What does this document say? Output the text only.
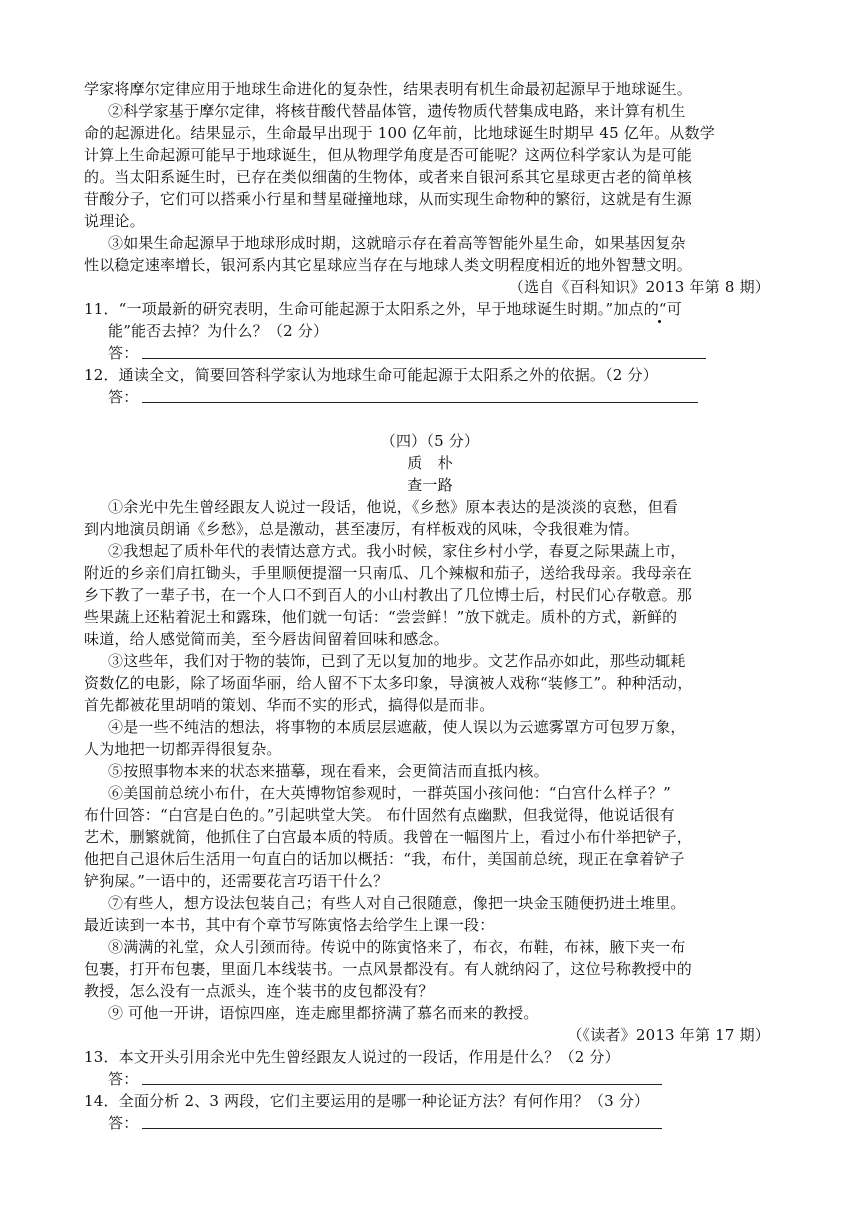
学家将摩尔定律应用于地球生命进化的复杂性，结果表明有机生命最初起源早于地球诞生。
②科学家基于摩尔定律，将核苷酸代替晶体管，遗传物质代替集成电路，来计算有机生
命的起源进化。结果显示，生命最早出现于 100 亿年前，比地球诞生时期早 45 亿年。从数学
计算上生命起源可能早于地球诞生，但从物理学角度是否可能呢？这两位科学家认为是可能
的。当太阳系诞生时，已存在类似细菌的生物体，或者来自银河系其它星球更古老的简单核
苷酸分子，它们可以搭乘小行星和彗星碰撞地球，从而实现生命物种的繁衍，这就是有生源
说理论。
③如果生命起源早于地球形成时期，这就暗示存在着高等智能外星生命，如果基因复杂
性以稳定速率增长，银河系内其它星球应当存在与地球人类文明程度相近的地外智慧文明。
（选自《百科知识》2013 年第 8 期）
11．“一项最新的研究表明，生命可能起源于太阳系之外，早于地球诞生时期。”加点的“可
能”能否去掉？为什么？（2 分）
答：
12．通读全文，简要回答科学家认为地球生命可能起源于太阳系之外的依据。（2 分）
答：
（四）（5 分）
质　朴
查一路
①余光中先生曾经跟友人说过一段话，他说，《乡愁》原本表达的是淡淡的哀愁，但看
到内地演员朗诵《乡愁》，总是激动，甚至凄厉，有样板戏的风味，令我很难为情。
②我想起了质朴年代的表情达意方式。我小时候，家住乡村小学，春夏之际果蔬上市，
附近的乡亲们肩扛锄头，手里顺便提溜一只南瓜、几个辣椒和茄子，送给我母亲。我母亲在
乡下教了一辈子书，在一个人口不到百人的小山村教出了几位博士后，村民们心存敬意。那
些果蔬上还粘着泥土和露珠，他们就一句话：“尝尝鲜！”放下就走。质朴的方式，新鲜的
味道，给人感觉简而美，至今唇齿间留着回味和感念。
③这些年，我们对于物的装饰，已到了无以复加的地步。文艺作品亦如此，那些动辄耗
资数亿的电影，除了场面华丽，给人留不下太多印象，导演被人戏称“装修工”。种种活动，
首先都被花里胡哨的策划、华而不实的形式，搞得似是而非。
④是一些不纯洁的想法，将事物的本质层层遮蔽，使人误以为云遮雾罩方可包罗万象，
人为地把一切都弄得很复杂。
⑤按照事物本来的状态来描摹，现在看来，会更简洁而直抵内核。
⑥美国前总统小布什，在大英博物馆参观时，一群英国小孩问他：“白宫什么样子？”
布什回答：“白宫是白色的。”引起哄堂大笑。 布什固然有点幽默，但我觉得，他说话很有
艺术，删繁就简，他抓住了白宫最本质的特质。我曾在一幅图片上，看过小布什举把铲子，
他把自己退休后生活用一句直白的话加以概括：“我，布什，美国前总统，现正在拿着铲子
铲狗屎。”一语中的，还需要花言巧语干什么？
⑦有些人，想方设法包装自己；有些人对自己很随意，像把一块金玉随便扔进土堆里。
最近读到一本书，其中有个章节写陈寅恪去给学生上课一段：
⑧满满的礼堂，众人引颈而待。传说中的陈寅恪来了，布衣，布鞋，布袜，腋下夹一布
包裹，打开布包裹，里面几本线装书。一点风景都没有。有人就纳闷了，这位号称教授中的
教授，怎么没有一点派头，连个装书的皮包都没有？
⑨ 可他一开讲，语惊四座，连走廊里都挤满了慕名而来的教授。
（《读者》2013 年第 17 期）
13．本文开头引用余光中先生曾经跟友人说过的一段话，作用是什么？（2 分）
答：
14．全面分析 2、3 两段，它们主要运用的是哪一种论证方法？有何作用？（3 分）
答：
